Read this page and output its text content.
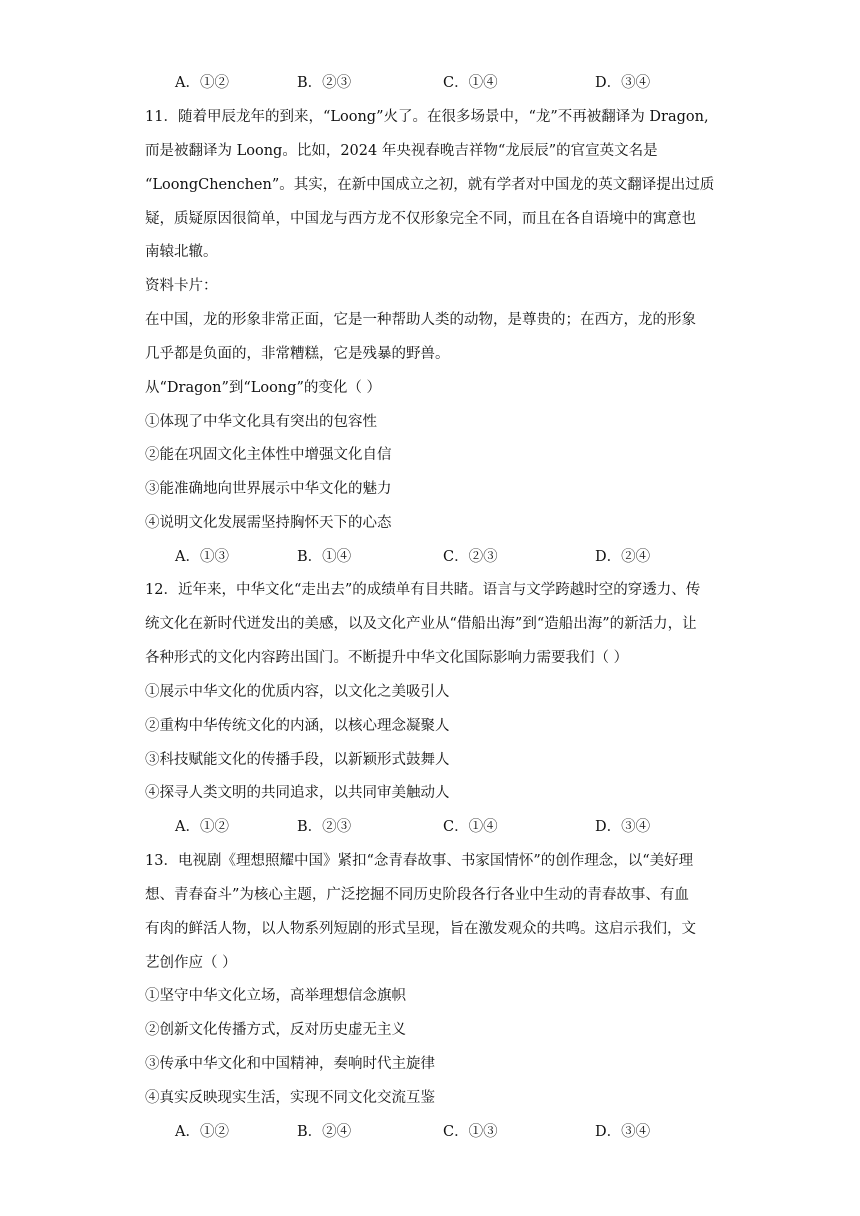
A．①②	B．②③	C．①④	D．③④
11．随着甲辰龙年的到来，“Loong”火了。在很多场景中，“龙”不再被翻译为 Dragon,
而是被翻译为 Loong。比如，2024 年央视春晚吉祥物“龙辰辰”的官宣英文名是
“LoongChenchen”。其实，在新中国成立之初，就有学者对中国龙的英文翻译提出过质
疑，质疑原因很简单，中国龙与西方龙不仅形象完全不同，而且在各自语境中的寓意也
南辕北辙。
资料卡片：
在中国，龙的形象非常正面，它是一种帮助人类的动物，是尊贵的；在西方，龙的形象
几乎都是负面的，非常糟糕，它是残暴的野兽。
从“Dragon”到“Loong”的变化（ ）
①体现了中华文化具有突出的包容性
②能在巩固文化主体性中增强文化自信
③能准确地向世界展示中华文化的魅力
④说明文化发展需坚持胸怀天下的心态
A．①③	B．①④	C．②③	D．②④
12．近年来，中华文化“走出去”的成绩单有目共睹。语言与文学跨越时空的穿透力、传
统文化在新时代迸发出的美感，以及文化产业从“借船出海”到“造船出海”的新活力，让
各种形式的文化内容跨出国门。不断提升中华文化国际影响力需要我们（ ）
①展示中华文化的优质内容，以文化之美吸引人
②重构中华传统文化的内涵，以核心理念凝聚人
③科技赋能文化的传播手段，以新颖形式鼓舞人
④探寻人类文明的共同追求，以共同审美触动人
A．①②	B．②③	C．①④	D．③④
13．电视剧《理想照耀中国》紧扣“念青春故事、书家国情怀”的创作理念，以“美好理
想、青春奋斗”为核心主题，广泛挖掘不同历史阶段各行各业中生动的青春故事、有血
有肉的鲜活人物，以人物系列短剧的形式呈现，旨在激发观众的共鸣。这启示我们，文
艺创作应（ ）
①坚守中华文化立场，高举理想信念旗帜
②创新文化传播方式，反对历史虚无主义
③传承中华文化和中国精神，奏响时代主旋律
④真实反映现实生活，实现不同文化交流互鉴
A．①②	B．②④	C．①③	D．③④
